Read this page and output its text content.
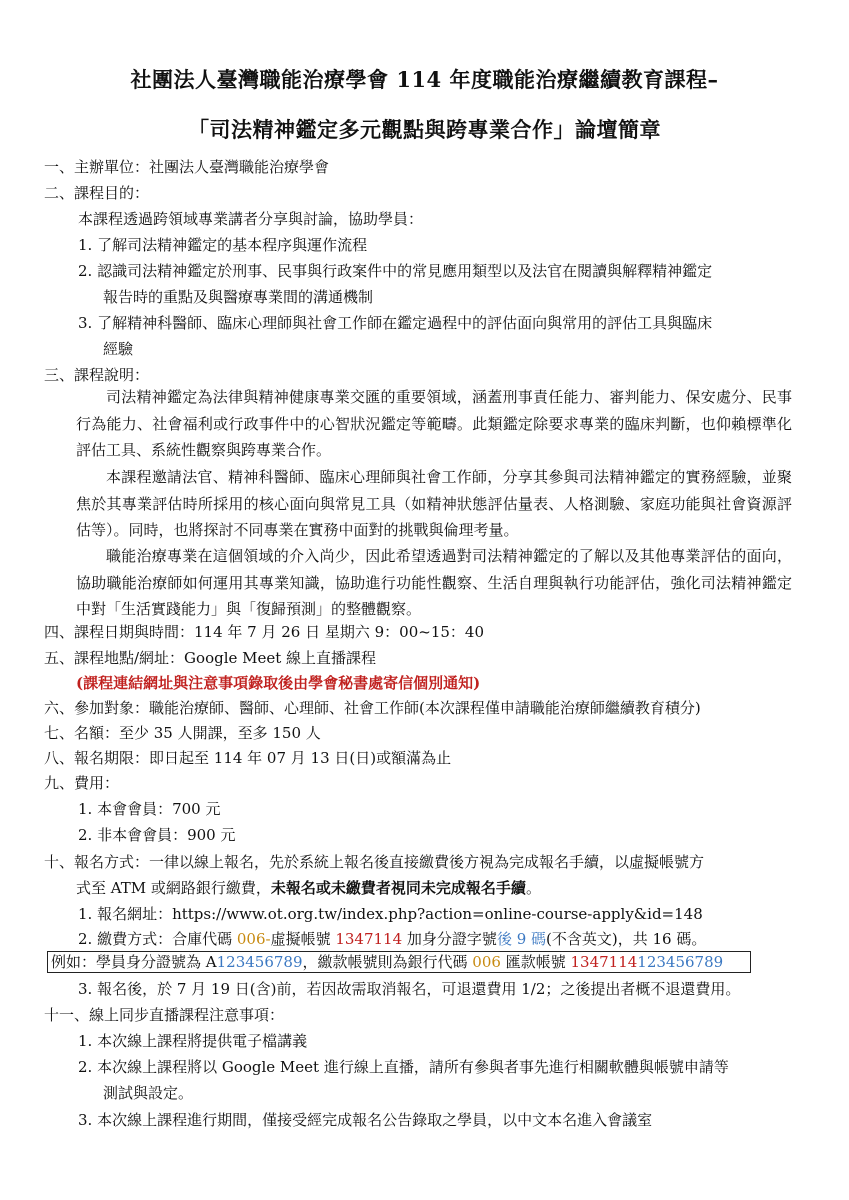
社團法人臺灣職能治療學會 114 年度職能治療繼續教育課程–
「司法精神鑑定多元觀點與跨專業合作」論壇簡章
一、主辦單位：社團法人臺灣職能治療學會
二、課程目的：
本課程透過跨領域專業講者分享與討論，協助學員：
1. 了解司法精神鑑定的基本程序與運作流程
2. 認識司法精神鑑定於刑事、民事與行政案件中的常見應用類型以及法官在閱讀與解釋精神鑑定
報告時的重點及與醫療專業間的溝通機制
3. 了解精神科醫師、臨床心理師與社會工作師在鑑定過程中的評估面向與常用的評估工具與臨床
經驗
三、課程說明：
司法精神鑑定為法律與精神健康專業交匯的重要領域，涵蓋刑事責任能力、審判能力、保安處分、民事行為能力、社會福利或行政事件中的心智狀況鑑定等範疇。此類鑑定除要求專業的臨床判斷，也仰賴標準化評估工具、系統性觀察與跨專業合作。
本課程邀請法官、精神科醫師、臨床心理師與社會工作師，分享其參與司法精神鑑定的實務經驗，並聚焦於其專業評估時所採用的核心面向與常見工具（如精神狀態評估量表、人格測驗、家庭功能與社會資源評估等）。同時，也將探討不同專業在實務中面對的挑戰與倫理考量。
職能治療專業在這個領域的介入尚少，因此希望透過對司法精神鑑定的了解以及其他專業評估的面向，協助職能治療師如何運用其專業知識，協助進行功能性觀察、生活自理與執行功能評估，強化司法精神鑑定中對「生活實踐能力」與「復歸預測」的整體觀察。
四、課程日期與時間：114 年 7 月 26 日 星期六 9：00~15：40
五、課程地點/網址：Google Meet 線上直播課程
(課程連結網址與注意事項錄取後由學會秘書處寄信個別通知)
六、參加對象：職能治療師、醫師、心理師、社會工作師(本次課程僅申請職能治療師繼續教育積分)
七、名額：至少 35 人開課，至多 150 人
八、報名期限：即日起至 114 年 07 月 13 日(日)或額滿為止
九、費用：
1. 本會會員：700 元
2. 非本會會員：900 元
十、報名方式：一律以線上報名，先於系統上報名後直接繳費後方視為完成報名手續，以虛擬帳號方
式至 ATM 或網路銀行繳費，未報名或未繳費者視同未完成報名手續。
1. 報名網址：https://www.ot.org.tw/index.php?action=online-course-apply&id=148
2. 繳費方式：合庫代碼 006-虛擬帳號 1347114 加身分證字號後 9 碼(不含英文)，共 16 碼。
例如：學員身分證號為 A123456789，繳款帳號則為銀行代碼 006 匯款帳號 1347114123456789
3. 報名後，於 7 月 19 日(含)前，若因故需取消報名，可退還費用 1/2；之後提出者概不退還費用。
十一、線上同步直播課程注意事項：
1. 本次線上課程將提供電子檔講義
2. 本次線上課程將以 Google Meet 進行線上直播，請所有參與者事先進行相關軟體與帳號申請等
測試與設定。
3. 本次線上課程進行期間，僅接受經完成報名公告錄取之學員，以中文本名進入會議室
